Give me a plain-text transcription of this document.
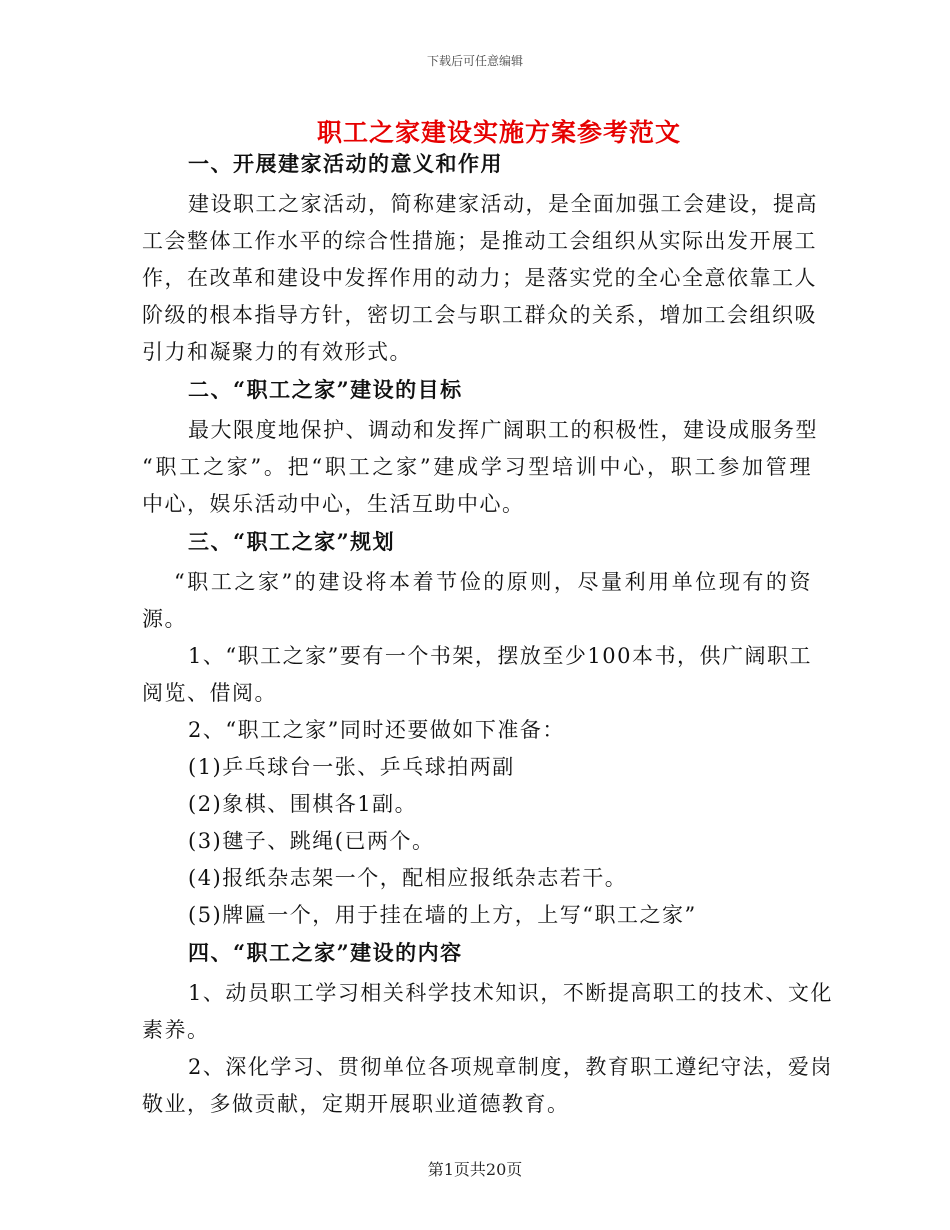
下载后可任意编辑
职工之家建设实施方案参考范文
一、开展建家活动的意义和作用
建设职工之家活动，简称建家活动，是全面加强工会建设，提高
工会整体工作水平的综合性措施；是推动工会组织从实际出发开展工
作，在改革和建设中发挥作用的动力；是落实党的全心全意依靠工人
阶级的根本指导方针，密切工会与职工群众的关系，增加工会组织吸
引力和凝聚力的有效形式。
二、“职工之家”建设的目标
最大限度地保护、调动和发挥广阔职工的积极性，建设成服务型
“职工之家”。把“职工之家”建成学习型培训中心，职工参加管理
中心，娱乐活动中心，生活互助中心。
三、“职工之家”规划
“职工之家”的建设将本着节俭的原则，尽量利用单位现有的资
源。
1、“职工之家”要有一个书架，摆放至少100本书，供广阔职工
阅览、借阅。
2、“职工之家”同时还要做如下准备：
(1)乒乓球台一张、乒乓球拍两副
(2)象棋、围棋各1副。
(3)毽子、跳绳(已两个。
(4)报纸杂志架一个，配相应报纸杂志若干。
(5)牌匾一个，用于挂在墙的上方，上写“职工之家”
四、“职工之家”建设的内容
1、动员职工学习相关科学技术知识，不断提高职工的技术、文化
素养。
2、深化学习、贯彻单位各项规章制度，教育职工遵纪守法，爱岗
敬业，多做贡献，定期开展职业道德教育。
第1页共20页
